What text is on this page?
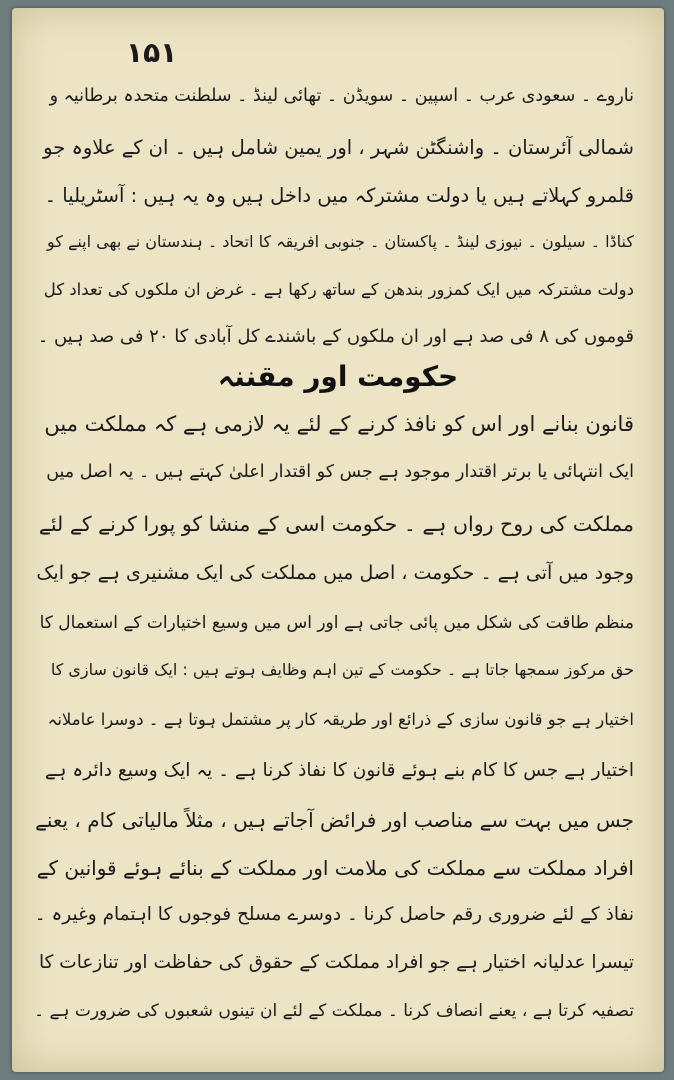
۱۵۱
ناروے ۔ سعودی عرب ۔ اسپین ۔ سویڈن ۔ تھائی لینڈ ۔ سلطنت متحدہ برطانیہ و
شمالی آئرستان ۔ واشنگٹن شہر ، اور یمین شامل ہیں ۔ ان کے علاوہ جو
قلمرو کہلاتے ہیں یا دولت مشترکہ میں داخل ہیں وہ یہ ہیں : آسٹریلیا ۔
کناڈا ۔ سیلون ۔ نیوزی لینڈ ۔ پاکستان ۔ جنوبی افریقہ کا اتحاد ۔ ہندستان نے بھی اپنے کو
دولت مشترکہ میں ایک کمزور بندھن کے ساتھ رکھا ہے ۔ غرض ان ملکوں کی تعداد کل
قوموں کی ۸ فی صد ہے اور ان ملکوں کے باشندے کل آبادی کا ۲۰ فی صد ہیں ۔
حکومت اور مقننہ
قانون بنانے اور اس کو نافذ کرنے کے لئے یہ لازمی ہے کہ مملکت میں
ایک انتہائی یا برتر اقتدار موجود ہے جس کو اقتدار اعلیٰ کہتے ہیں ۔ یہ اصل میں
مملکت کی روح رواں ہے ۔ حکومت اسی کے منشا کو پورا کرنے کے لئے
وجود میں آتی ہے ۔ حکومت ، اصل میں مملکت کی ایک مشنیری ہے جو ایک
منظم طاقت کی شکل میں پائی جاتی ہے اور اس میں وسیع اختیارات کے استعمال کا
حق مرکوز سمجھا جاتا ہے ۔ حکومت کے تین اہم وظایف ہوتے ہیں : ایک قانون سازی کا
اختیار ہے جو قانون سازی کے ذرائع اور طریقہ کار پر مشتمل ہوتا ہے ۔ دوسرا عاملانہ
اختیار ہے جس کا کام بنے ہوئے قانون کا نفاذ کرنا ہے ۔ یہ ایک وسیع دائرہ ہے
جس میں بہت سے مناصب اور فرائض آجاتے ہیں ، مثلاً مالیاتی کام ، یعنے
افراد مملکت سے مملکت کی ملامت اور مملکت کے بنائے ہوئے قوانین کے
نفاذ کے لئے ضروری رقم حاصل کرنا ۔ دوسرے مسلح فوجوں کا اہتمام وغیرہ ۔
تیسرا عدلیانہ اختیار ہے جو افراد مملکت کے حقوق کی حفاظت اور تنازعات کا
تصفیہ کرتا ہے ، یعنے انصاف کرنا ۔ مملکت کے لئے ان تینوں شعبوں کی ضرورت ہے ۔
